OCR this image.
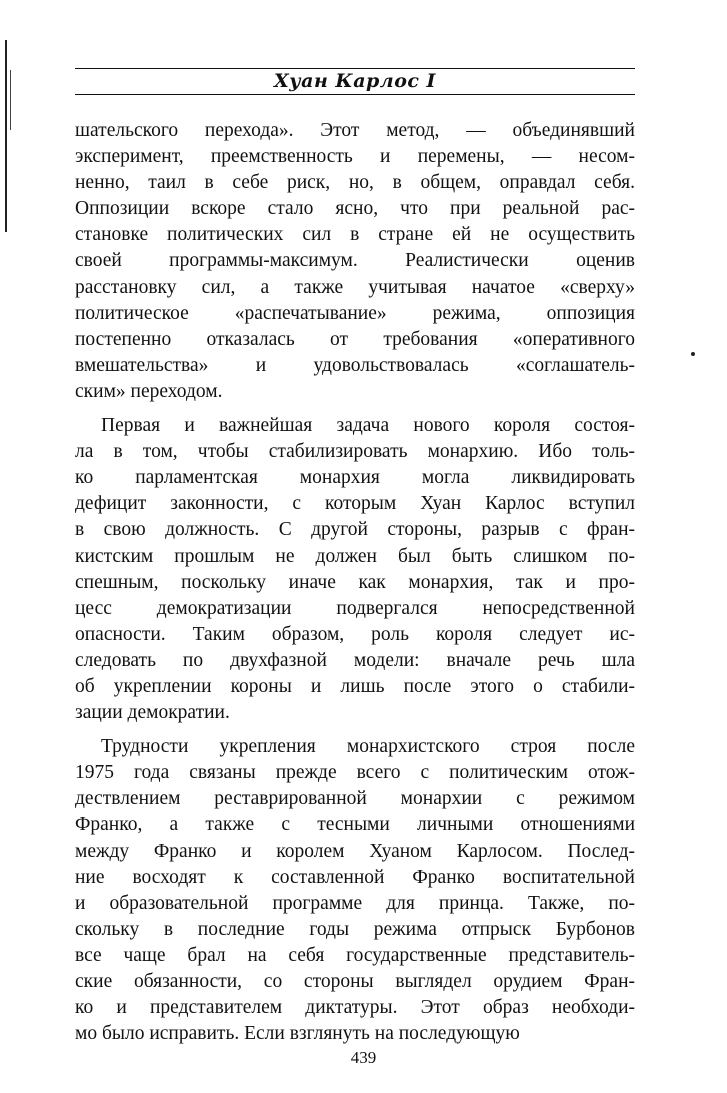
Хуан Карлос I
шательского перехода». Этот метод, — объединявший
эксперимент, преемственность и перемены, — несом-
ненно, таил в себе риск, но, в общем, оправдал себя.
Оппозиции вскоре стало ясно, что при реальной рас-
становке политических сил в стране ей не осуществить
своей программы-максимум. Реалистически оценив
расстановку сил, а также учитывая начатое «сверху»
политическое «распечатывание» режима, оппозиция
постепенно отказалась от требования «оперативного
вмешательства» и удовольствовалась «соглашатель-
ским» переходом.
Первая и важнейшая задача нового короля состоя-
ла в том, чтобы стабилизировать монархию. Ибо толь-
ко парламентская монархия могла ликвидировать
дефицит законности, с которым Хуан Карлос вступил
в свою должность. С другой стороны, разрыв с фран-
кистским прошлым не должен был быть слишком по-
спешным, поскольку иначе как монархия, так и про-
цесс демократизации подвергался непосредственной
опасности. Таким образом, роль короля следует ис-
следовать по двухфазной модели: вначале речь шла
об укреплении короны и лишь после этого о стабили-
зации демократии.
Трудности укрепления монархистского строя после
1975 года связаны прежде всего с политическим отож-
дествлением реставрированной монархии с режимом
Франко, а также с тесными личными отношениями
между Франко и королем Хуаном Карлосом. Послед-
ние восходят к составленной Франко воспитательной
и образовательной программе для принца. Также, по-
скольку в последние годы режима отпрыск Бурбонов
все чаще брал на себя государственные представитель-
ские обязанности, со стороны выглядел орудием Фран-
ко и представителем диктатуры. Этот образ необходи-
мо было исправить. Если взглянуть на последующую
439
